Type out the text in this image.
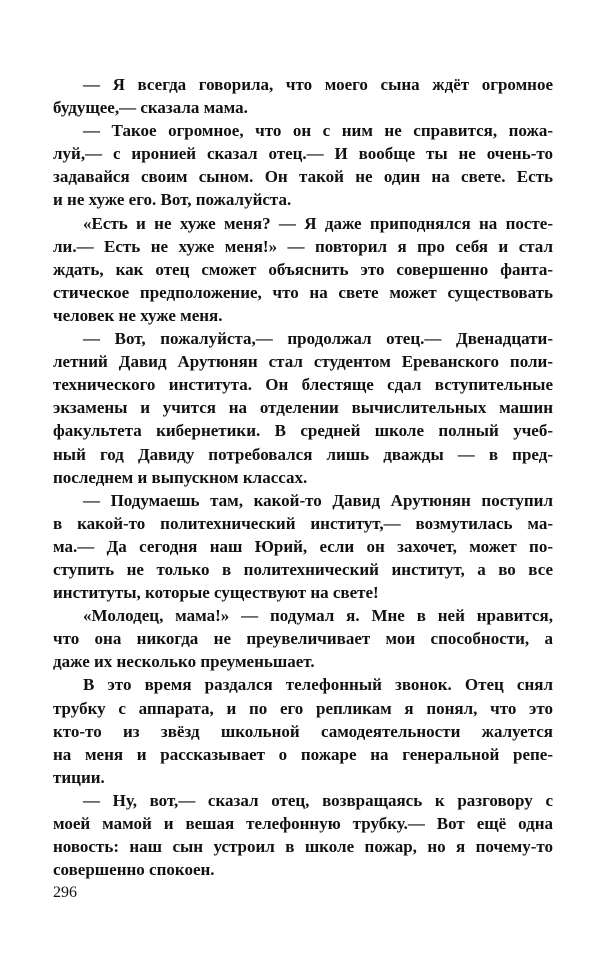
— Я всегда говорила, что моего сына ждёт огромное
будущее,— сказала мама.
— Такое огромное, что он с ним не справится, пожа-
луй,— с иронией сказал отец.— И вообще ты не очень-то
задавайся своим сыном. Он такой не один на свете. Есть
и не хуже его. Вот, пожалуйста.
«Есть и не хуже меня? — Я даже приподнялся на посте-
ли.— Есть не хуже меня!» — повторил я про себя и стал
ждать, как отец сможет объяснить это совершенно фанта-
стическое предположение, что на свете может существовать
человек не хуже меня.
— Вот, пожалуйста,— продолжал отец.— Двенадцати-
летний Давид Арутюнян стал студентом Ереванского поли-
технического института. Он блестяще сдал вступительные
экзамены и учится на отделении вычислительных машин
факультета кибернетики. В средней школе полный учеб-
ный год Давиду потребовался лишь дважды — в пред-
последнем и выпускном классах.
— Подумаешь там, какой-то Давид Арутюнян поступил
в какой-то политехнический институт,— возмутилась ма-
ма.— Да сегодня наш Юрий, если он захочет, может по-
ступить не только в политехнический институт, а во все
институты, которые существуют на свете!
«Молодец, мама!» — подумал я. Мне в ней нравится,
что она никогда не преувеличивает мои способности, а
даже их несколько преуменьшает.
В это время раздался телефонный звонок. Отец снял
трубку с аппарата, и по его репликам я понял, что это
кто-то из звёзд школьной самодеятельности жалуется
на меня и рассказывает о пожаре на генеральной репе-
тиции.
— Ну, вот,— сказал отец, возвращаясь к разговору с
моей мамой и вешая телефонную трубку.— Вот ещё одна
новость: наш сын устроил в школе пожар, но я почему-то
совершенно спокоен.
296
